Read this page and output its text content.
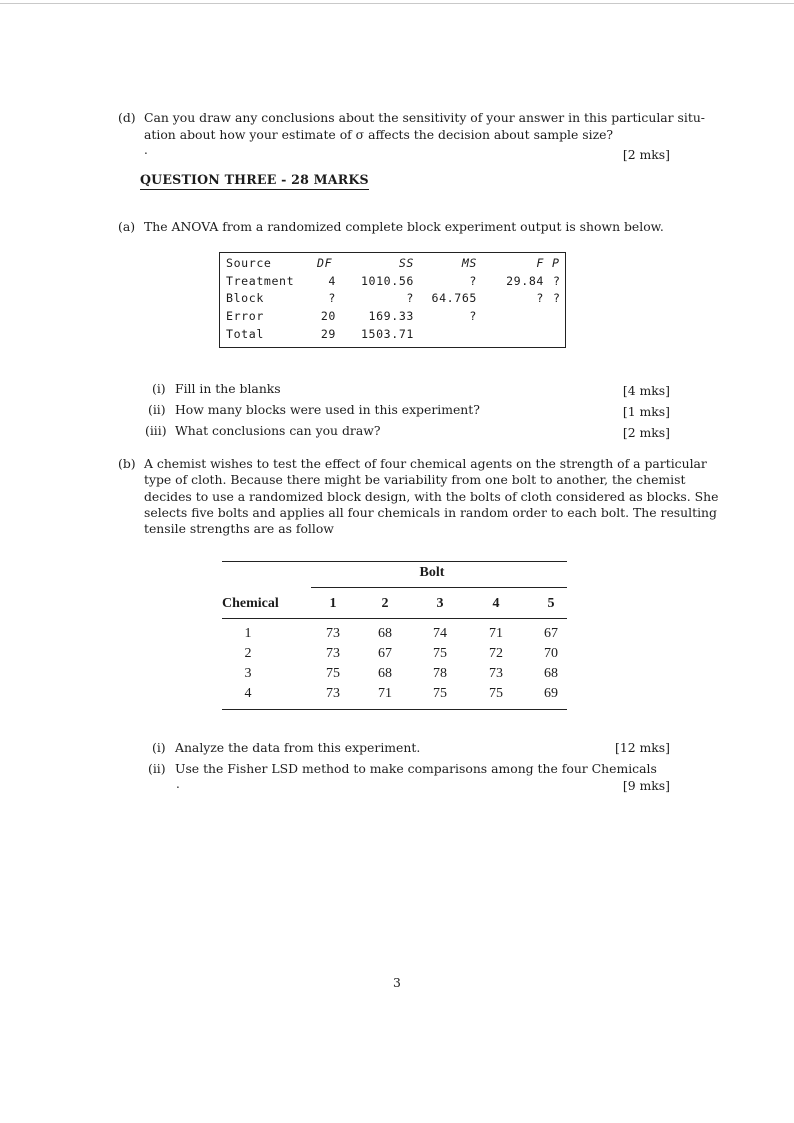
(d) Can you draw any conclusions about the sensitivity of your answer in this particular situ-
ation about how your estimate of σ affects the decision about sample size?
.	[2 mks]
QUESTION THREE - 28 MARKS
(a) The ANOVA from a randomized complete block experiment output is shown below.
Source	DF	SS	MS	F P
Treatment	4	1010.56	?	29.84 ?
Block	?	?	64.765	? ?
Error	20	169.33	?
Total	29	1503.71
(i) Fill in the blanks	[4 mks]
(ii) How many blocks were used in this experiment?	[1 mks]
(iii) What conclusions can you draw?	[2 mks]
(b) A chemist wishes to test the effect of four chemical agents on the strength of a particular
type of cloth. Because there might be variability from one bolt to another, the chemist
decides to use a randomized block design, with the bolts of cloth considered as blocks. She
selects five bolts and applies all four chemicals in random order to each bolt. The resulting
tensile strengths are as follow
Bolt
Chemical	1	2	3	4	5
1	73	68	74	71	67
2	73	67	75	72	70
3	75	68	78	73	68
4	73	71	75	75	69
(i) Analyze the data from this experiment.	[12 mks]
(ii) Use the Fisher LSD method to make comparisons among the four Chemicals
.	[9 mks]
3
